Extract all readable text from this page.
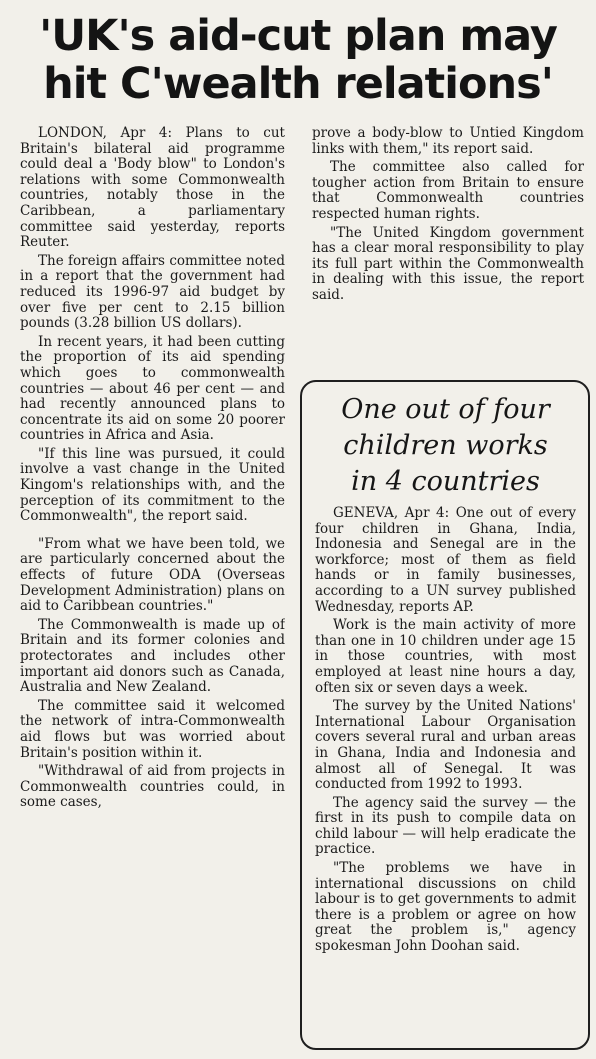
'UK's aid-cut plan may
hit C'wealth relations'

LONDON, Apr 4: Plans to cut Britain's bilateral aid programme could deal a 'Body blow" to London's relations with some Commonwealth countries, notably those in the Caribbean, a parliamentary committee said yesterday, reports Reuter.

The foreign affairs committee noted in a report that the government had reduced its 1996-97 aid budget by over five per cent to 2.15 billion pounds (3.28 billion US dollars).

In recent years, it had been cutting the proportion of its aid spending which goes to commonwealth countries — about 46 per cent — and had recently announced plans to concentrate its aid on some 20 poorer countries in Africa and Asia.

"If this line was pursued, it could involve a vast change in the United Kingom's relationships with, and the perception of its commitment to the Commonwealth", the report said.

"From what we have been told, we are particularly concerned about the effects of future ODA (Overseas Development Administration) plans on aid to Caribbean countries."

The Commonwealth is made up of Britain and its former colonies and protectorates and includes other important aid donors such as Canada, Australia and New Zealand.

The committee said it welcomed the network of intra-Commonwealth aid flows but was worried about Britain's position within it.

"Withdrawal of aid from projects in Commonwealth countries could, in some cases,

prove a body-blow to Untied Kingdom links with them," its report said.

The committee also called for tougher action from Britain to ensure that Commonwealth countries respected human rights.

"The United Kingdom government has a clear moral responsibility to play its full part within the Commonwealth in dealing with this issue, the report said.

One out of four
children works
in 4 countries

GENEVA, Apr 4: One out of every four children in Ghana, India, Indonesia and Senegal are in the workforce; most of them as field hands or in family businesses, according to a UN survey published Wednesday, reports AP.

Work is the main activity of more than one in 10 children under age 15 in those countries, with most employed at least nine hours a day, often six or seven days a week.

The survey by the United Nations' International Labour Organisation covers several rural and urban areas in Ghana, India and Indonesia and almost all of Senegal. It was conducted from 1992 to 1993.

The agency said the survey — the first in its push to compile data on child labour — will help eradicate the practice.

"The problems we have in international discussions on child labour is to get governments to admit there is a problem or agree on how great the problem is," agency spokesman John Doohan said.
